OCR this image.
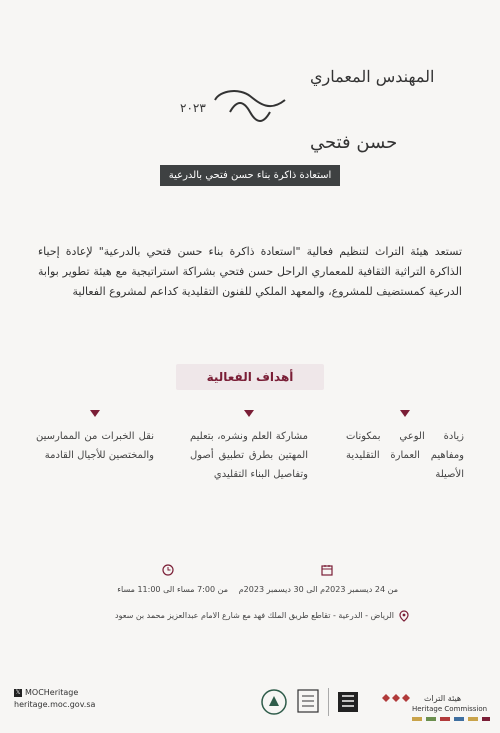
المهندس المعماري
٢٠٢٣
حسن فتحي
استعادة ذاكرة بناء حسن فتحي بالدرعية

تستعد هيئة التراث لتنظيم فعالية "استعادة ذاكرة بناء حسن فتحي بالدرعية" لإعادة إحياء الذاكرة التراثية الثقافية للمعماري الراحل حسن فتحي بشراكة استراتيجية مع هيئة تطوير بوابة الدرعية كمستضيف للمشروع، والمعهد الملكي للفنون التقليدية كداعم لمشروع الفعالية

أهداف الفعالية
زيادة الوعي بمكونات ومفاهيم العمارة التقليدية الأصيلة
مشاركة العلم ونشره، بتعليم المهتين بطرق تطبيق أصول وتفاصيل البناء التقليدي
نقل الخبرات من الممارسين والمختصين للأجيال القادمة
من 24 ديسمبر 2023م الى 30 ديسمبر 2023م
من 7:00 مساء الى 11:00 مساء
الرياض - الدرعية - تقاطع طريق الملك فهد مع شارع الامام عبدالعزيز محمد بن سعود
𝕏 MOCHeritage
heritage.moc.gov.sa
هيئة التراث
Heritage Commission
